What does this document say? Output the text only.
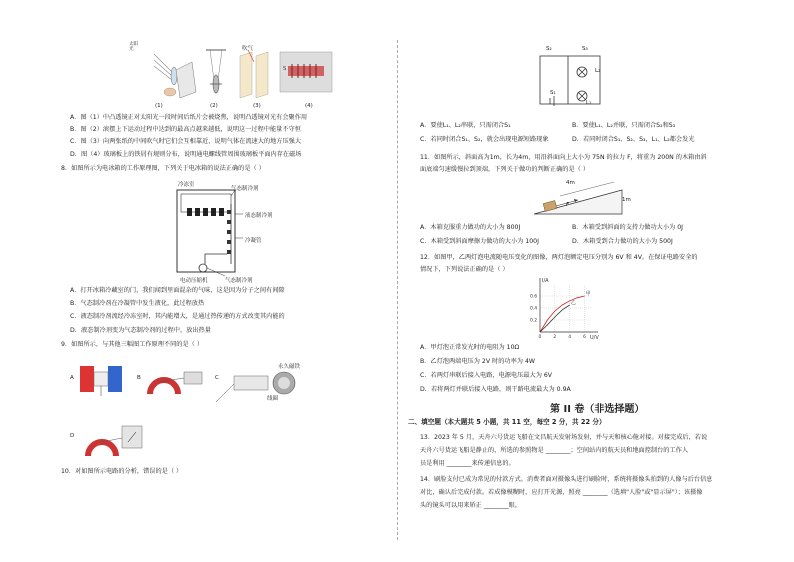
S
太阳光	吹气
(1)	(2)	(3)	(4)
A．图（1）中凸透镜正对太阳光一段时间后纸片会被烧焦，说明凸透镜对光有会聚作用
B．图（2）滚摆上下运动过程中达到的最高点越来越低，说明这一过程中能量不守恒
C．图（3）向两张纸的中间吹气时它们会互相靠近，说明气体在流速大的地方压强大
D．图（4）玻璃板上的铁屑有规则分布，说明通电螺线管周围玻璃板平面内存在磁场
8．如图所示为电冰箱的工作原理图，下列关于电冰箱的说法正确的是（ ）
冷冻室
气态制冷剂
液态制冷剂
冷凝管
气态制冷剂
电动压缩机
A．打开冰箱冷藏室的门，我们闻到里面混杂的气味，这是因为分子之间有间隙
B．气态制冷剂在冷凝管中发生液化，此过程放热
C．液态制冷剂流经冷冻室时，其内能增大，是通过热传递的方式改变其内能的
D．液态制冷剂变为气态制冷剂的过程中，放出热量
9．如图所示，与其他三幅图工作原理不同的是（ ）
A	B	C
D
永久磁铁
线圈
10．对如图所示电路的分析，错误的是（ ）
S₂	S₃
L₂
S₁
L₁
A．要使L₁、L₂串联，只需闭合S₁	B．要使L₁、L₂并联，只需闭合S₂和S₃
C．若同时闭合S₁、S₂，就会出现电源短路现象	D．若同时闭合S₁、S₂、S₃，L₁、L₂都会发光
11．如图所示，斜面高为1m，长为4m，用沿斜面向上大小为 75N 的拉力 F，将重为 200N 的木箱由斜
面底端匀速缓慢拉到顶端，下列关于做功的判断正确的是（ ）
4m
1m
F
A．木箱克服重力做功的大小为 800J	B．木箱受到斜面的支持力做功大小为 0J
C．木箱受到斜面摩擦力做功的大小为 100J	D．木箱受到合力做功的大小为 500J
12．如图甲，乙两灯泡电流随电压变化的图像，两灯泡额定电压分别为 6V 和 4V。在保证电路安全的
情况下，下列说法正确的是（ ）
甲
乙
0	2	4	6
0.2
0.4
0.6
I/A
U/V
A．甲灯泡正常发光时的电阻为 10Ω
B．乙灯泡两端电压为 2V 时的功率为 4W
C．若两灯串联后接入电路，电源电压最大为 6V
D．若将两灯并联后接入电路，则干路电流最大为 0.9A
第 II 卷（非选择题）
二、填空题（本大题共 5 小题，共 11 空，每空 2 分，共 22 分）
13．2023 年 5 月，天舟六号货运飞船在文昌航天发射场发射，并与天和核心舱对接。对接完成后，若说
天舟六号货运飞船是静止的，所选的参照物是 ________；空间站内的航天员和地面控制台的工作人
员是利用 ________来传递信息的。
14．刷脸支付已成为常见的付款方式。消费者面对摄像头进行刷脸时，系统将摄像头拍到的人像与后台信息
对比，确认后完成付款。若成像模糊时，应打开光源，照亮 ________（选填"人脸"或"显示屏"）；该摄像
头的镜头可以用来矫正 ________眼。
